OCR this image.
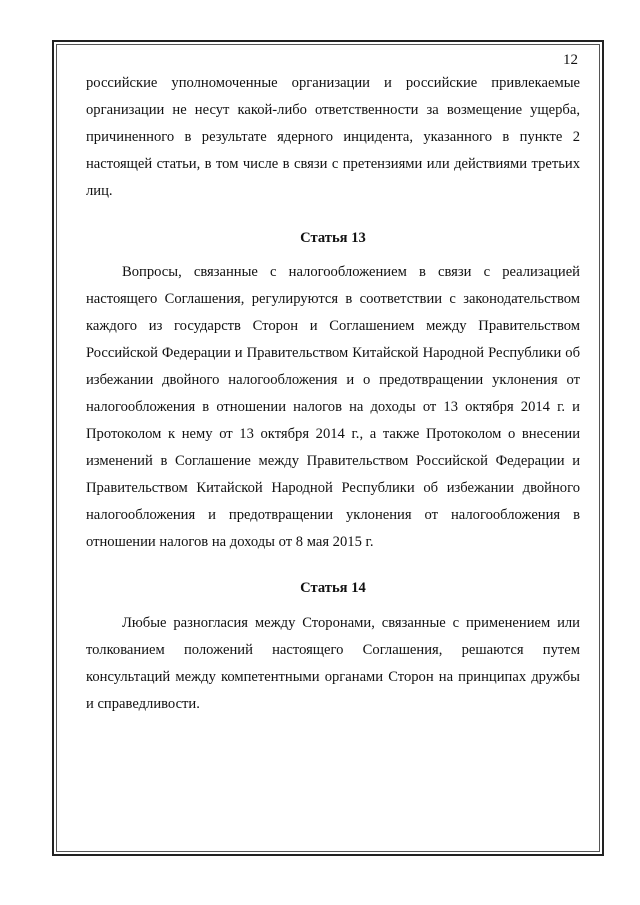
12

российские уполномоченные организации и российские привлекаемые организации не несут какой-либо ответственности за возмещение ущерба, причиненного в результате ядерного инцидента, указанного в пункте 2 настоящей статьи, в том числе в связи с претензиями или действиями третьих лиц.

Статья 13

Вопросы, связанные с налогообложением в связи с реализацией настоящего Соглашения, регулируются в соответствии с законодательством каждого из государств Сторон и Соглашением между Правительством Российской Федерации и Правительством Китайской Народной Республики об избежании двойного налогообложения и о предотвращении уклонения от налогообложения в отношении налогов на доходы от 13 октября 2014 г. и Протоколом к нему от 13 октября 2014 г., а также Протоколом о внесении изменений в Соглашение между Правительством Российской Федерации и Правительством Китайской Народной Республики об избежании двойного налогообложения и предотвращении уклонения от налогообложения в отношении налогов на доходы от 8 мая 2015 г.

Статья 14

Любые разногласия между Сторонами, связанные с применением или толкованием положений настоящего Соглашения, решаются путем консультаций между компетентными органами Сторон на принципах дружбы и справедливости.
